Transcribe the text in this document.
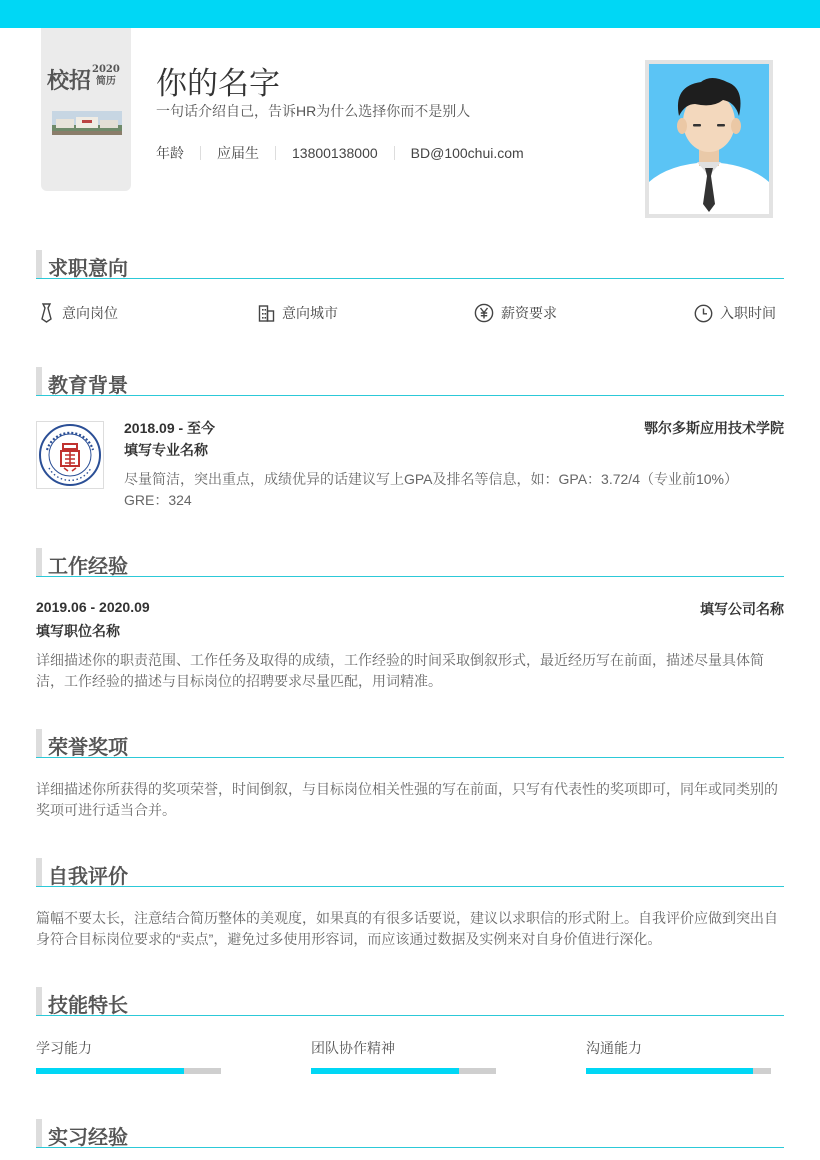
校招2020
简历	你的名字
一句话介绍自己，告诉HR为什么选择你而不是别人
年龄 应届生 13800138000 BD@100chui.com
求职意向
意向岗位	意向城市	薪资要求	入职时间
教育背景
2018.09 - 至今	鄂尔多斯应用技术学院
填写专业名称
尽量简洁，突出重点，成绩优异的话建议写上GPA及排名等信息，如：GPA：3.72/4（专业前10%） GRE：324
工作经验
2019.06 - 2020.09	填写公司名称
填写职位名称
详细描述你的职责范围、工作任务及取得的成绩，工作经验的时间采取倒叙形式，最近经历写在前面，描述尽量具体简洁，工作经验的描述与目标岗位的招聘要求尽量匹配，用词精准。
荣誉奖项
详细描述你所获得的奖项荣誉，时间倒叙，与目标岗位相关性强的写在前面，只写有代表性的奖项即可，同年或同类别的奖项可进行适当合并。
自我评价
篇幅不要太长，注意结合简历整体的美观度，如果真的有很多话要说，建议以求职信的形式附上。自我评价应做到突出自身符合目标岗位要求的“卖点”，避免过多使用形容词，而应该通过数据及实例来对自身价值进行深化。
技能特长
学习能力	团队协作精神	沟通能力
实习经验
